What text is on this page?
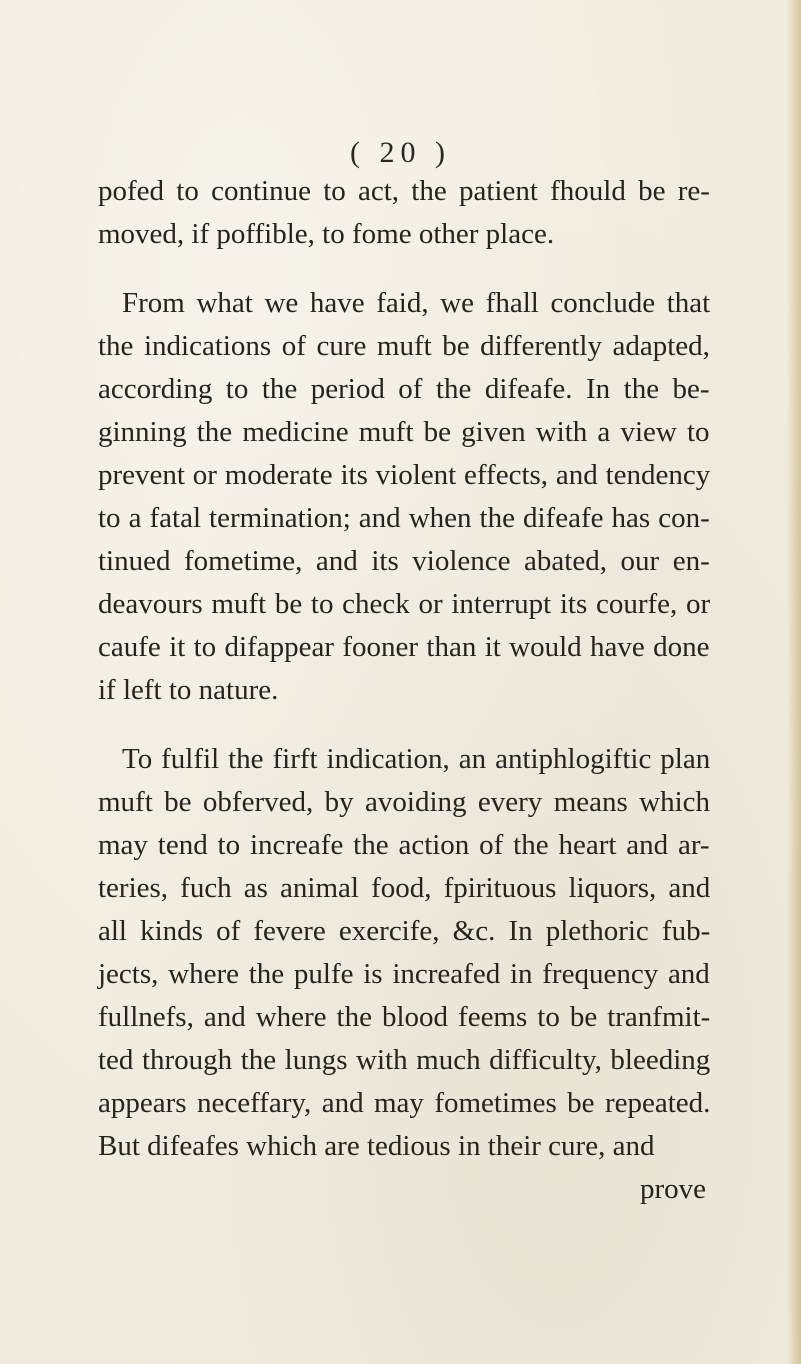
( 20 )
pofed to continue to act, the patient fhould be re-
moved, if poffible, to fome other place.
From what we have faid, we fhall conclude that
the indications of cure muft be differently adapted,
according to the period of the difeafe. In the be-
ginning the medicine muft be given with a view to
prevent or moderate its violent effects, and tendency
to a fatal termination; and when the difeafe has con-
tinued fometime, and its violence abated, our en-
deavours muft be to check or interrupt its courfe, or
caufe it to difappear fooner than it would have done
if left to nature.
To fulfil the firft indication, an antiphlogiftic plan
muft be obferved, by avoiding every means which
may tend to increafe the action of the heart and ar-
teries, fuch as animal food, fpirituous liquors, and
all kinds of fevere exercife, &c. In plethoric fub-
jects, where the pulfe is increafed in frequency and
fullnefs, and where the blood feems to be tranfmit-
ted through the lungs with much difficulty, bleeding
appears neceffary, and may fometimes be repeated.
But difeafes which are tedious in their cure, and
prove
